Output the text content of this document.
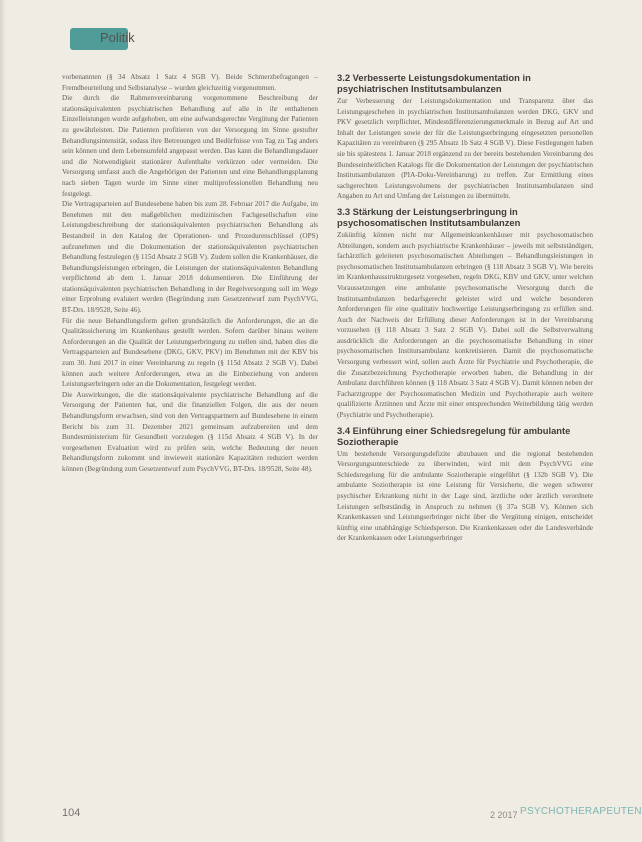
Politik

vorbenannten (§ 34 Absatz 1 Satz 4 SGB V). Beide Schmerzbefragungen – Fremdbeurteilung und Selbstanalyse – wurden gleichzeitig vorgenommen.

Die durch die Rahmenvereinbarung vorgenommene Beschreibung der stationsäquivalenten psychiatrischen Behandlung auf alle in ihr enthaltenen Einzelleistungen wurde aufgehoben, um eine aufwandsgerechte Vergütung der Patienten zu gewährleisten. Die Patienten profitieren von der Versorgung im Sinne gestufter Behandlungsintensität, sodass ihre Betreuungen und Bedürfnisse von Tag zu Tag anders sein können und dem Lebensumfeld angepasst werden. Das kann die Behandlungsdauer und die Notwendigkeit stationärer Aufenthalte verkürzen oder vermeiden. Die Versorgung umfasst auch die Angehörigen der Patienten und eine Behandlungsplanung nach sieben Tagen wurde im Sinne einer multiprofessionellen Behandlung neu festgelegt.

Die Vertragsparteien auf Bundesebene haben bis zum 28. Februar 2017 die Aufgabe, im Benehmen mit den maßgeblichen medizinischen Fachgesellschaften eine Leistungsbeschreibung der stationsäquivalenten psychiatrischen Behandlung als Bestandteil in den Katalog der Operationen- und Prozedurenschlüssel (OPS) aufzunehmen und die Dokumentation der stationsäquivalenten psychiatrischen Behandlung festzulegen (§ 115d Absatz 2 SGB V). Zudem sollen die Krankenhäuser, die Behandlungsleistungen erbringen, die Leistungen der stationsäquivalenten Behandlung verpflichtend ab dem 1. Januar 2018 dokumentieren. Die Einführung der stationsäquivalenten psychiatrischen Behandlung in der Regelversorgung soll im Wege einer Erprobung evaluiert werden (Begründung zum Gesetzentwurf zum PsychVVG, BT-Drs. 18/9528, Seite 46).

Für die neue Behandlungsform gelten grundsätzlich die Anforderungen, die an die Qualitätssicherung im Krankenhaus gestellt werden. Sofern darüber hinaus weitere Anforderungen an die Qualität der Leistungserbringung zu stellen sind, haben dies die Vertragsparteien auf Bundesebene (DKG, GKV, PKV) im Benehmen mit der KBV bis zum 30. Juni 2017 in einer Vereinbarung zu regeln (§ 115d Absatz 2 SGB V). Dabei können auch weitere Anforderungen, etwa an die Einbeziehung von anderen Leistungserbringern oder an die Dokumentation, festgelegt werden.

Die Auswirkungen, die die stationsäquivalente psychiatrische Behandlung auf die Versorgung der Patienten hat, und die finanziellen Folgen, die aus der neuen Behandlungsform erwachsen, sind von den Vertragspartnern auf Bundesebene in einem Bericht bis zum 31. Dezember 2021 gemeinsam aufzubereiten und dem Bundesministerium für Gesundheit vorzulegen (§ 115d Absatz 4 SGB V). In der vorgesehenen Evaluation wird zu prüfen sein, welche Bedeutung der neuen Behandlungsform zukommt und inwieweit stationäre Kapazitäten reduziert werden können (Begründung zum Gesetzentwurf zum PsychVVG, BT-Drs. 18/9528, Seite 48).

3.2 Verbesserte Leistungsdokumentation in psychiatrischen Institutsambulanzen

Zur Verbesserung der Leistungsdokumentation und Transparenz über das Leistungsgeschehen in psychiatrischen Institutsambulanzen werden DKG, GKV und PKV gesetzlich verpflichtet, Mindestdifferenzierungsmerkmale in Bezug auf Art und Inhalt der Leistungen sowie der für die Leistungserbringung eingesetzten personellen Kapazitäten zu vereinbaren (§ 295 Absatz 1b Satz 4 SGB V). Diese Festlegungen haben sie bis spätestens 1. Januar 2018 ergänzend zu der bereits bestehenden Vereinbarung des Bundeseinheitlichen Katalogs für die Dokumentation der Leistungen der psychiatrischen Institutsambulanzen (PIA-Doku-Vereinbarung) zu treffen. Zur Ermittlung eines sachgerechten Leistungsvolumens der psychiatrischen Institutsambulanzen sind Angaben zu Art und Umfang der Leistungen zu übermitteln.

3.3 Stärkung der Leistungserbringung in psychosomatischen Institutsambulanzen

Zukünftig können nicht nur Allgemeinkrankenhäuser mit psychosomatischen Abteilungen, sondern auch psychiatrische Krankenhäuser – jeweils mit selbstständigen, fachärztlich geleiteten psychosomatischen Abteilungen – Behandlungsleistungen in psychosomatischen Institutsambulanzen erbringen (§ 118 Absatz 3 SGB V). Wie bereits im Krankenhausstrukturgesetz vorgesehen, regeln DKG, KBV und GKV, unter welchen Voraussetzungen eine ambulante psychosomatische Versorgung durch die Institutsambulanzen bedarfsgerecht geleistet wird und welche besonderen Anforderungen für eine qualitativ hochwertige Leistungserbringung zu erfüllen sind. Auch der Nachweis der Erfüllung dieser Anforderungen ist in der Vereinbarung vorzusehen (§ 118 Absatz 3 Satz 2 SGB V). Dabei soll die Selbstverwaltung ausdrücklich die Anforderungen an die psychosomatische Behandlung in einer psychosomatischen Institutsambulanz konkretisieren. Damit die psychosomatische Versorgung verbessert wird, sollen auch Ärzte für Psychiatrie und Psychotherapie, die die Zusatzbezeichnung Psychotherapie erworben haben, die Behandlung in der Ambulanz durchführen können (§ 118 Absatz 3 Satz 4 SGB V). Damit können neben der Facharztgruppe der Psychosomatischen Medizin und Psychotherapie auch weitere qualifizierte Ärztinnen und Ärzte mit einer entsprechenden Weiterbildung tätig werden (Psychiatrie und Psychotherapie).

3.4 Einführung einer Schiedsregelung für ambulante Soziotherapie

Um bestehende Versorgungsdefizite abzubauen und die regional bestehenden Versorgungsunterschiede zu überwinden, wird mit dem PsychVVG eine Schiedsregelung für die ambulante Soziotherapie eingeführt (§ 132b SGB V). Die ambulante Soziotherapie ist eine Leistung für Versicherte, die wegen schwerer psychischer Erkrankung nicht in der Lage sind, ärztliche oder ärztlich verordnete Leistungen selbstständig in Anspruch zu nehmen (§ 37a SGB V). Können sich Krankenkassen und Leistungserbringer nicht über die Vergütung einigen, entscheidet künftig eine unabhängige Schiedsperson. Die Krankenkassen oder die Landesverbände der Krankenkassen oder Leistungserbringer

104	2 2017 PSYCHOTHERAPEUTEN
